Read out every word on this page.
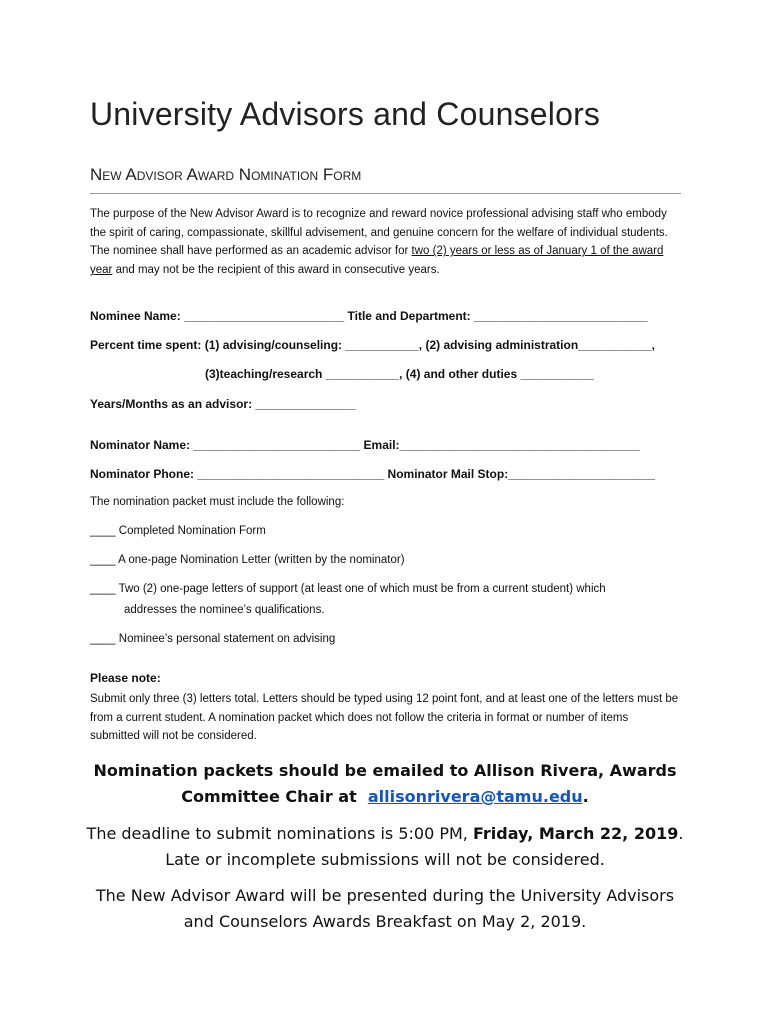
University Advisors and Counselors
New Advisor Award Nomination Form

The purpose of the New Advisor Award is to recognize and reward novice professional advising staff who embody the spirit of caring, compassionate, skillful advisement, and genuine concern for the welfare of individual students. The nominee shall have performed as an academic advisor for two (2) years or less as of January 1 of the award year and may not be the recipient of this award in consecutive years.

Nominee Name: ________________________ Title and Department: __________________________
Percent time spent: (1) advising/counseling: ___________, (2) advising administration___________,
(3)teaching/research ___________, (4) and other duties ___________
Years/Months as an advisor: _______________
Nominator Name: _________________________ Email:____________________________________
Nominator Phone: ____________________________ Nominator Mail Stop:______________________
The nomination packet must include the following:
____ Completed Nomination Form
____ A one-page Nomination Letter (written by the nominator)
____ Two (2) one-page letters of support (at least one of which must be from a current student) which
addresses the nominee’s qualifications.
____ Nominee’s personal statement on advising
Please note:

Submit only three (3) letters total. Letters should be typed using 12 point font, and at least one of the letters must be from a current student. A nomination packet which does not follow the criteria in format or number of items submitted will not be considered.

Nomination packets should be emailed to Allison Rivera, Awards
Committee Chair at allisonrivera@tamu.edu.
The deadline to submit nominations is 5:00 PM, Friday, March 22, 2019. Late or incomplete submissions will not be considered.
The New Advisor Award will be presented during the University Advisors and Counselors Awards Breakfast on May 2, 2019.
